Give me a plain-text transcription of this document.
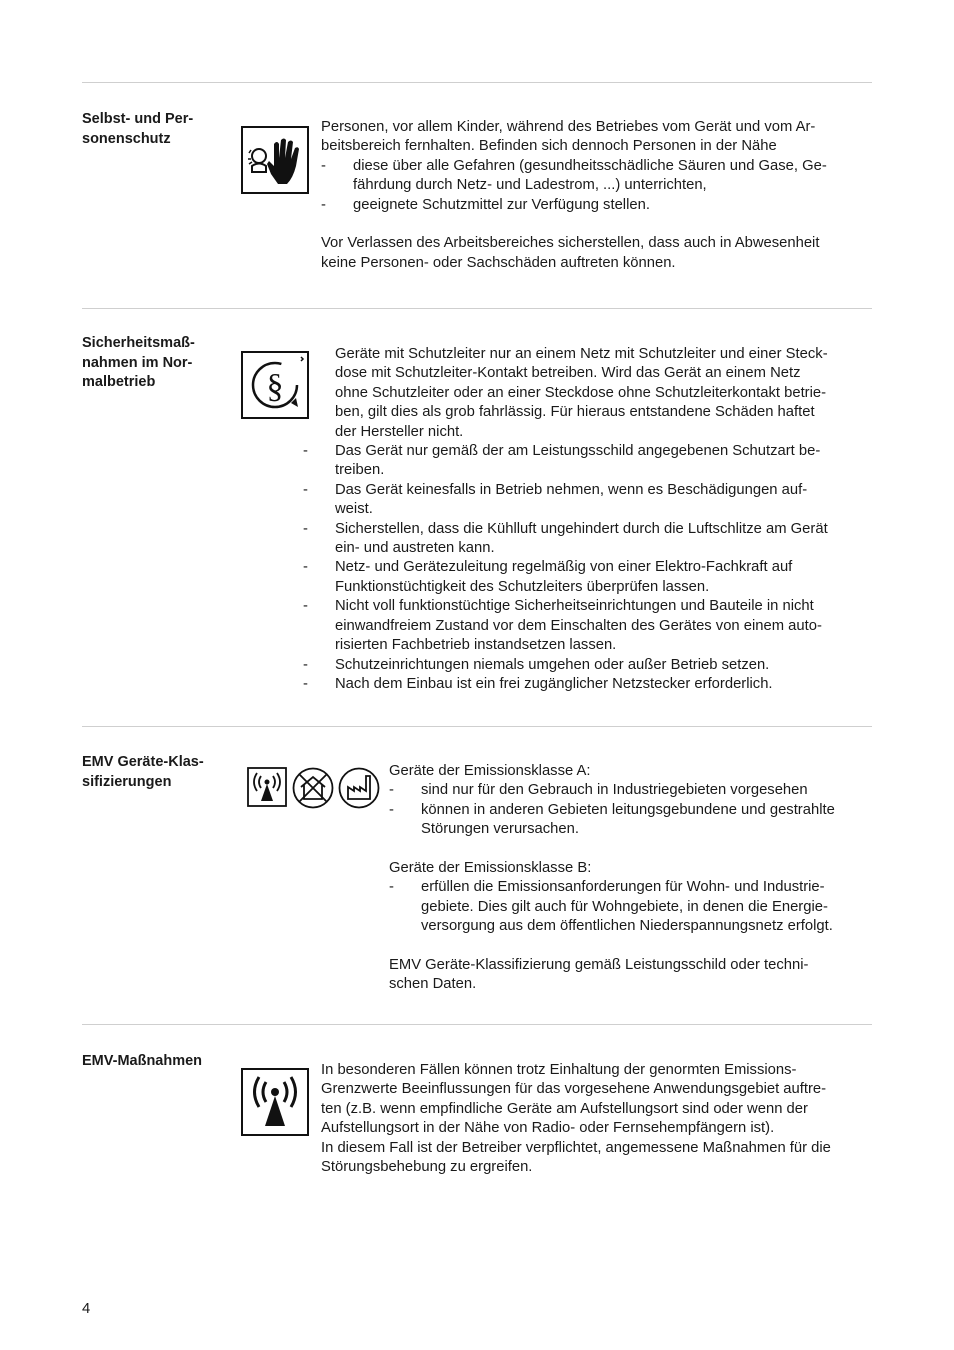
Selbst- und Per-
sonenschutz

Personen, vor allem Kinder, während des Betriebes vom Gerät und vom Ar-

beitsbereich fernhalten. Befinden sich dennoch Personen in der Nähe

- diese über alle Gefahren (gesundheitsschädliche Säuren und Gase, Ge-
fährdung durch Netz- und Ladestrom, ...) unterrichten,
- geeignete Schutzmittel zur Verfügung stellen.

Vor Verlassen des Arbeitsbereiches sicherstellen, dass auch in Abwesenheit

keine Personen- oder Sachschäden auftreten können.

Sicherheitsmaß-
nahmen im Nor-
malbetrieb	§

Geräte mit Schutzleiter nur an einem Netz mit Schutzleiter und einer Steck-

dose mit Schutzleiter-Kontakt betreiben. Wird das Gerät an einem Netz

ohne Schutzleiter oder an einer Steckdose ohne Schutzleiterkontakt betrie-

ben, gilt dies als grob fahrlässig. Für hieraus entstandene Schäden haftet

der Hersteller nicht.

- Das Gerät nur gemäß der am Leistungsschild angegebenen Schutzart be-
treiben.
- Das Gerät keinesfalls in Betrieb nehmen, wenn es Beschädigungen auf-
weist.
- Sicherstellen, dass die Kühlluft ungehindert durch die Luftschlitze am Gerät
ein- und austreten kann.
- Netz- und Gerätezuleitung regelmäßig von einer Elektro-Fachkraft auf
Funktionstüchtigkeit des Schutzleiters überprüfen lassen.
- Nicht voll funktionstüchtige Sicherheitseinrichtungen und Bauteile in nicht
einwandfreiem Zustand vor dem Einschalten des Gerätes von einem auto-
risierten Fachbetrieb instandsetzen lassen.
- Schutzeinrichtungen niemals umgehen oder außer Betrieb setzen.
- Nach dem Einbau ist ein frei zugänglicher Netzstecker erforderlich.
EMV Geräte-Klas-
sifizierungen

Geräte der Emissionsklasse A:

- sind nur für den Gebrauch in Industriegebieten vorgesehen
- können in anderen Gebieten leitungsgebundene und gestrahlte
Störungen verursachen.

Geräte der Emissionsklasse B:

- erfüllen die Emissionsanforderungen für Wohn- und Industrie-
gebiete. Dies gilt auch für Wohngebiete, in denen die Energie-
versorgung aus dem öffentlichen Niederspannungsnetz erfolgt.

EMV Geräte-Klassifizierung gemäß Leistungsschild oder techni-

schen Daten.

EMV-Maßnahmen

In besonderen Fällen können trotz Einhaltung der genormten Emissions-

Grenzwerte Beeinflussungen für das vorgesehene Anwendungsgebiet auftre-

ten (z.B. wenn empfindliche Geräte am Aufstellungsort sind oder wenn der

Aufstellungsort in der Nähe von Radio- oder Fernsehempfängern ist).

In diesem Fall ist der Betreiber verpflichtet, angemessene Maßnahmen für die

Störungsbehebung zu ergreifen.

4
